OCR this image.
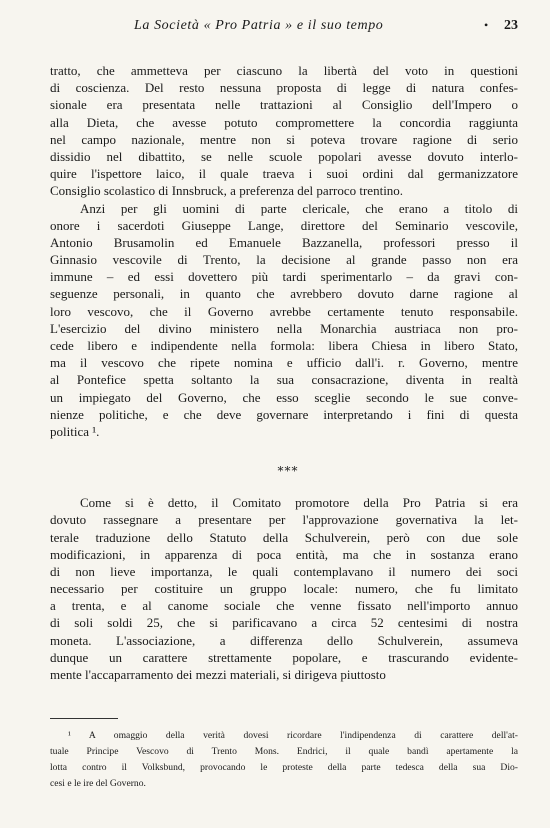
La Società « Pro Patria » e il suo tempo	• 23
tratto, che ammetteva per ciascuno la libertà del voto in questioni
di coscienza. Del resto nessuna proposta di legge di natura confes-
sionale era presentata nelle trattazioni al Consiglio dell'Impero o
alla Dieta, che avesse potuto compromettere la concordia raggiunta
nel campo nazionale, mentre non si poteva trovare ragione di serio
dissidio nel dibattito, se nelle scuole popolari avesse dovuto interlo-
quire l'ispettore laico, il quale traeva i suoi ordini dal germanizzatore
Consiglio scolastico di Innsbruck, a preferenza del parroco trentino.
Anzi per gli uomini di parte clericale, che erano a titolo di
onore i sacerdoti Giuseppe Lange, direttore del Seminario vescovile,
Antonio Brusamolin ed Emanuele Bazzanella, professori presso il
Ginnasio vescovile di Trento, la decisione al grande passo non era
immune – ed essi dovettero più tardi sperimentarlo – da gravi con-
seguenze personali, in quanto che avrebbero dovuto darne ragione al
loro vescovo, che il Governo avrebbe certamente tenuto responsabile.
L'esercizio del divino ministero nella Monarchia austriaca non pro-
cede libero e indipendente nella formola: libera Chiesa in libero Stato,
ma il vescovo che ripete nomina e ufficio dall'i. r. Governo, mentre
al Pontefice spetta soltanto la sua consacrazione, diventa in realtà
un impiegato del Governo, che esso sceglie secondo le sue conve-
nienze politiche, e che deve governare interpretando i fini di questa
politica ¹.
⁎⁎⁎
Come si è detto, il Comitato promotore della Pro Patria si era
dovuto rassegnare a presentare per l'approvazione governativa la let-
terale traduzione dello Statuto della Schulverein, però con due sole
modificazioni, in apparenza di poca entità, ma che in sostanza erano
di non lieve importanza, le quali contemplavano il numero dei soci
necessario per costituire un gruppo locale: numero, che fu limitato
a trenta, e al canome sociale che venne fissato nell'importo annuo
di soli soldi 25, che si parificavano a circa 52 centesimi di nostra
moneta. L'associazione, a differenza dello Schulverein, assumeva
dunque un carattere strettamente popolare, e trascurando evidente-
mente l'accaparramento dei mezzi materiali, si dirigeva piuttosto
¹ A omaggio della verità dovesi ricordare l'indipendenza di carattere dell'at-
tuale Principe Vescovo di Trento Mons. Endrici, il quale bandì apertamente la
lotta contro il Volksbund, provocando le proteste della parte tedesca della sua Dio-
cesi e le ire del Governo.
